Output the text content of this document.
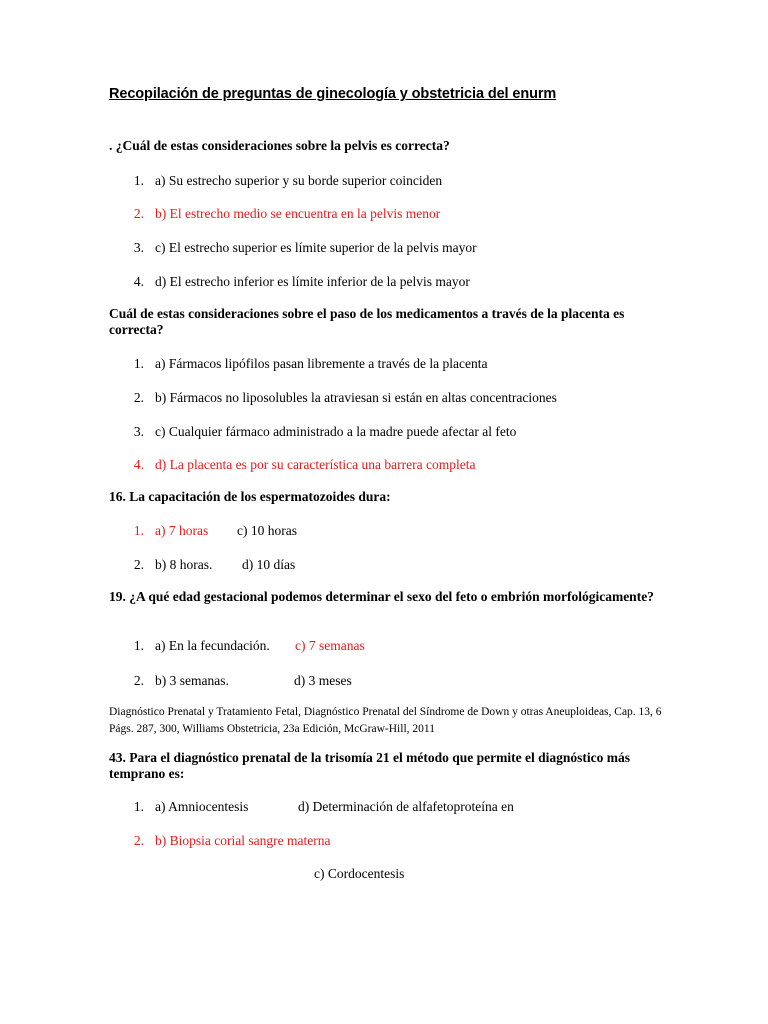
Recopilación de preguntas de ginecología y obstetricia del enurm
. ¿Cuál de estas consideraciones sobre la pelvis es correcta?
1. a) Su estrecho superior y su borde superior coinciden
2. b) El estrecho medio se encuentra en la pelvis menor
3. c) El estrecho superior es límite superior de la pelvis mayor
4. d) El estrecho inferior es límite inferior de la pelvis mayor
Cuál de estas consideraciones sobre el paso de los medicamentos a través de la placenta es correcta?
1. a) Fármacos lipófilos pasan libremente a través de la placenta
2. b) Fármacos no liposolubles la atraviesan si están en altas concentraciones
3. c) Cualquier fármaco administrado a la madre puede afectar al feto
4. d) La placenta es por su característica una barrera completa
16. La capacitación de los espermatozoides dura:
1. a) 7 horas c) 10 horas
2. b) 8 horas. d) 10 días
19. ¿A qué edad gestacional podemos determinar el sexo del feto o embrión morfológicamente?
1. a) En la fecundación. c) 7 semanas
2. b) 3 semanas.	d) 3 meses
Diagnóstico Prenatal y Tratamiento Fetal, Diagnóstico Prenatal del Síndrome de Down y otras Aneuploideas, Cap. 13, 6 Págs. 287, 300, Williams Obstetricia, 23a Edición, McGraw-Hill, 2011
43. Para el diagnóstico prenatal de la trisomía 21 el método que permite el diagnóstico más temprano es:
1. a) Amniocentesis	d) Determinación de alfafetoproteína en
2. b) Biopsia corial sangre materna
c) Cordocentesis
